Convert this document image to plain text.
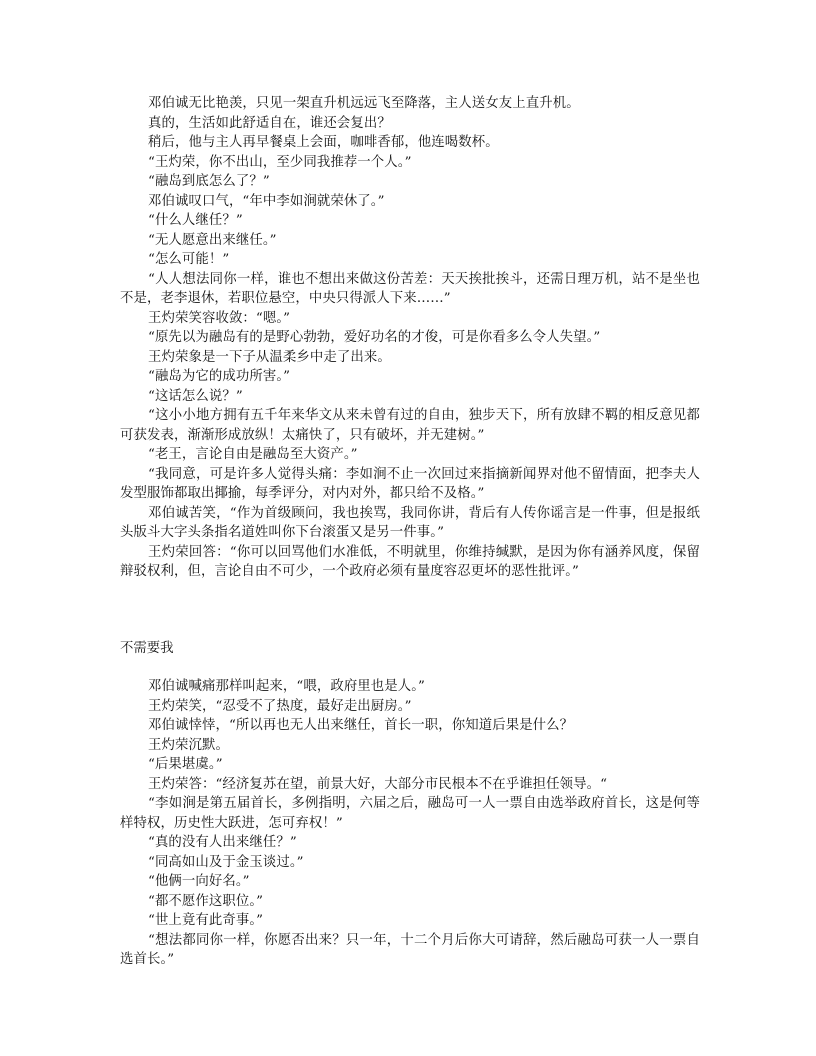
邓伯诚无比艳羡，只见一架直升机远远飞至降落，主人送女友上直升机。

真的，生活如此舒适自在，谁还会复出？

稍后，他与主人再早餐桌上会面，咖啡香郁，他连喝数杯。

“王灼荣，你不出山，至少同我推荐一个人。”

“融岛到底怎么了？”

邓伯诚叹口气，“年中李如涧就荣休了。”

“什么人继任？”

“无人愿意出来继任。”

“怎么可能！”

“人人想法同你一样，谁也不想出来做这份苦差：天天挨批挨斗，还需日理万机，站不是坐也不是，老李退休，若职位悬空，中央只得派人下来……”

王灼荣笑容收敛：“嗯。”

“原先以为融岛有的是野心勃勃，爱好功名的才俊，可是你看多么令人失望。”

王灼荣象是一下子从温柔乡中走了出来。

“融岛为它的成功所害。”

“这话怎么说？”

“这小小地方拥有五千年来华文从来未曾有过的自由，独步天下，所有放肆不羁的相反意见都可获发表，渐渐形成放纵！太痛快了，只有破坏，并无建树。”

“老王，言论自由是融岛至大资产。”

“我同意，可是许多人觉得头痛：李如涧不止一次回过来指摘新闻界对他不留情面，把李夫人发型服饰都取出揶揄，每季评分，对内对外，都只给不及格。”

邓伯诚苦笑，“作为首级顾问，我也挨骂，我同你讲，背后有人传你谣言是一件事，但是报纸头版斗大字头条指名道姓叫你下台滚蛋又是另一件事。”

王灼荣回答：“你可以回骂他们水准低，不明就里，你维持缄默，是因为你有涵养风度，保留辩驳权利，但，言论自由不可少，一个政府必须有量度容忍更坏的恶性批评。”

不需要我

邓伯诚喊痛那样叫起来，“喂，政府里也是人。”

王灼荣笑，“忍受不了热度，最好走出厨房。”

邓伯诚悻悻，“所以再也无人出来继任，首长一职，你知道后果是什么？

王灼荣沉默。

“后果堪虞。”

王灼荣答：“经济复苏在望，前景大好，大部分市民根本不在乎谁担任领导。“

“李如涧是第五届首长，多例指明，六届之后，融岛可一人一票自由选举政府首长，这是何等样特权，历史性大跃进，怎可弃权！”

“真的没有人出来继任？”

“同高如山及于金玉谈过。”

“他俩一向好名。”

“都不愿作这职位。”

“世上竟有此奇事。”

“想法都同你一样，你愿否出来？只一年，十二个月后你大可请辞，然后融岛可获一人一票自选首长。”
